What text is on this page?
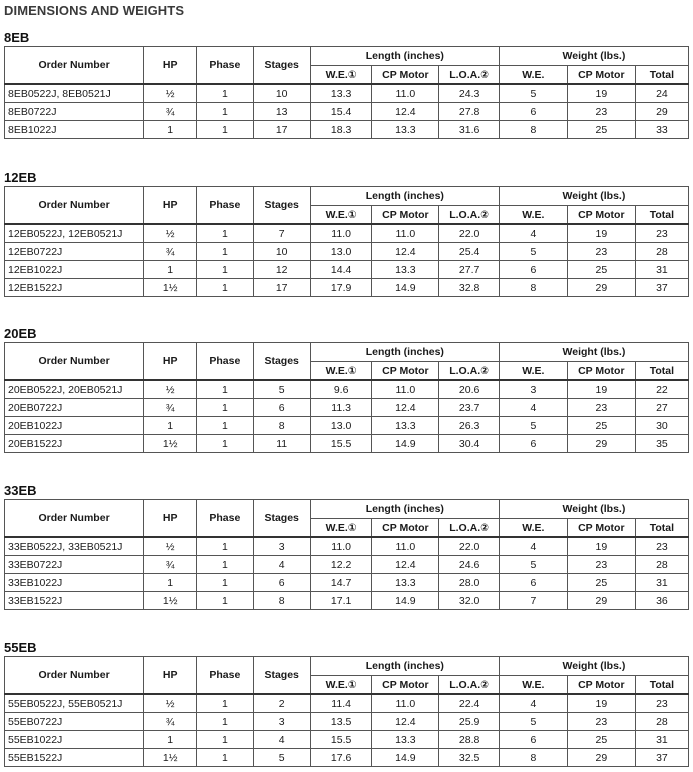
DIMENSIONS AND WEIGHTS
8EB
Order Number	HP	Phase	Stages	Length (inches)			Weight (lbs.)		
				W.E.①	CP Motor	L.O.A.②	W.E.	CP Motor	Total
8EB0522J, 8EB0521J	½	1	10	13.3	11.0	24.3	5	19	24
8EB0722J	¾	1	13	15.4	12.4	27.8	6	23	29
8EB1022J	1	1	17	18.3	13.3	31.6	8	25	33
12EB
Order Number	HP	Phase	Stages	Length (inches)			Weight (lbs.)		
				W.E.①	CP Motor	L.O.A.②	W.E.	CP Motor	Total
12EB0522J, 12EB0521J	½	1	7	11.0	11.0	22.0	4	19	23
12EB0722J	¾	1	10	13.0	12.4	25.4	5	23	28
12EB1022J	1	1	12	14.4	13.3	27.7	6	25	31
12EB1522J	1½	1	17	17.9	14.9	32.8	8	29	37
20EB
Order Number	HP	Phase	Stages	Length (inches)			Weight (lbs.)		
				W.E.①	CP Motor	L.O.A.②	W.E.	CP Motor	Total
20EB0522J, 20EB0521J	½	1	5	9.6	11.0	20.6	3	19	22
20EB0722J	¾	1	6	11.3	12.4	23.7	4	23	27
20EB1022J	1	1	8	13.0	13.3	26.3	5	25	30
20EB1522J	1½	1	11	15.5	14.9	30.4	6	29	35
33EB
Order Number	HP	Phase	Stages	Length (inches)			Weight (lbs.)		
				W.E.①	CP Motor	L.O.A.②	W.E.	CP Motor	Total
33EB0522J, 33EB0521J	½	1	3	11.0	11.0	22.0	4	19	23
33EB0722J	¾	1	4	12.2	12.4	24.6	5	23	28
33EB1022J	1	1	6	14.7	13.3	28.0	6	25	31
33EB1522J	1½	1	8	17.1	14.9	32.0	7	29	36
55EB
Order Number	HP	Phase	Stages	Length (inches)			Weight (lbs.)		
				W.E.①	CP Motor	L.O.A.②	W.E.	CP Motor	Total
55EB0522J, 55EB0521J	½	1	2	11.4	11.0	22.4	4	19	23
55EB0722J	¾	1	3	13.5	12.4	25.9	5	23	28
55EB1022J	1	1	4	15.5	13.3	28.8	6	25	31
55EB1522J	1½	1	5	17.6	14.9	32.5	8	29	37
